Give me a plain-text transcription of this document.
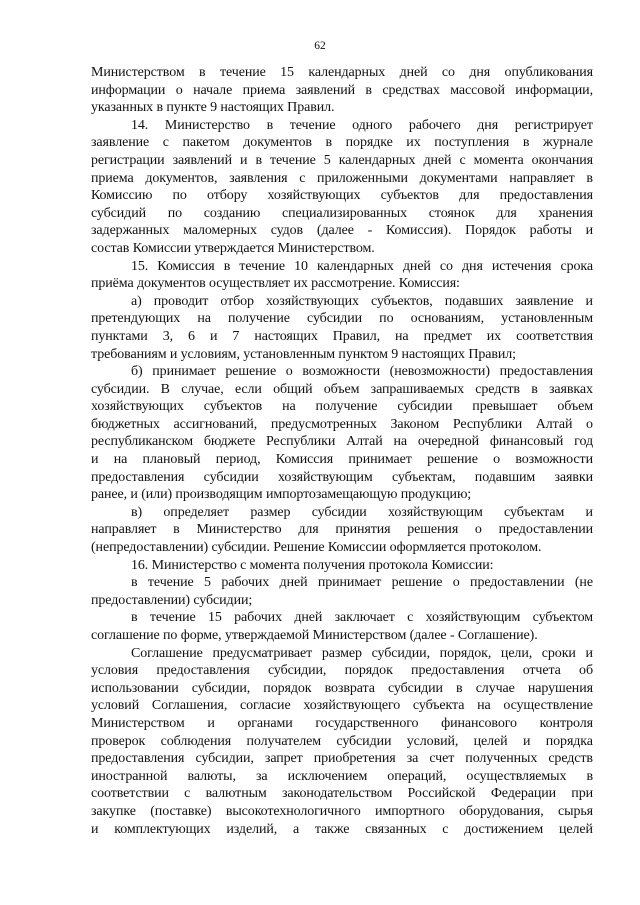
62
Министерством в течение 15 календарных дней со дня опубликования
информации о начале приема заявлений в средствах массовой информации,
указанных в пункте 9 настоящих Правил.
14. Министерство в течение одного рабочего дня регистрирует
заявление с пакетом документов в порядке их поступления в журнале
регистрации заявлений и в течение 5 календарных дней с момента окончания
приема документов, заявления с приложенными документами направляет в
Комиссию по отбору хозяйствующих субъектов для предоставления
субсидий по созданию специализированных стоянок для хранения
задержанных маломерных судов (далее - Комиссия). Порядок работы и
состав Комиссии утверждается Министерством.
15. Комиссия в течение 10 календарных дней со дня истечения срока
приёма документов осуществляет их рассмотрение. Комиссия:
а) проводит отбор хозяйствующих субъектов, подавших заявление и
претендующих на получение субсидии по основаниям, установленным
пунктами 3, 6 и 7 настоящих Правил, на предмет их соответствия
требованиям и условиям, установленным пунктом 9 настоящих Правил;
б) принимает решение о возможности (невозможности) предоставления
субсидии. В случае, если общий объем запрашиваемых средств в заявках
хозяйствующих субъектов на получение субсидии превышает объем
бюджетных ассигнований, предусмотренных Законом Республики Алтай о
республиканском бюджете Республики Алтай на очередной финансовый год
и на плановый период, Комиссия принимает решение о возможности
предоставления субсидии хозяйствующим субъектам, подавшим заявки
ранее, и (или) производящим импортозамещающую продукцию;
в) определяет размер субсидии хозяйствующим субъектам и
направляет в Министерство для принятия решения о предоставлении
(непредоставлении) субсидии. Решение Комиссии оформляется протоколом.
16. Министерство с момента получения протокола Комиссии:
в течение 5 рабочих дней принимает решение о предоставлении (не
предоставлении) субсидии;
в течение 15 рабочих дней заключает с хозяйствующим субъектом
соглашение по форме, утверждаемой Министерством (далее - Соглашение).
Соглашение предусматривает размер субсидии, порядок, цели, сроки и
условия предоставления субсидии, порядок предоставления отчета об
использовании субсидии, порядок возврата субсидии в случае нарушения
условий Соглашения, согласие хозяйствующего субъекта на осуществление
Министерством и органами государственного финансового контроля
проверок соблюдения получателем субсидии условий, целей и порядка
предоставления субсидии, запрет приобретения за счет полученных средств
иностранной валюты, за исключением операций, осуществляемых в
соответствии с валютным законодательством Российской Федерации при
закупке (поставке) высокотехнологичного импортного оборудования, сырья
и комплектующих изделий, а также связанных с достижением целей
